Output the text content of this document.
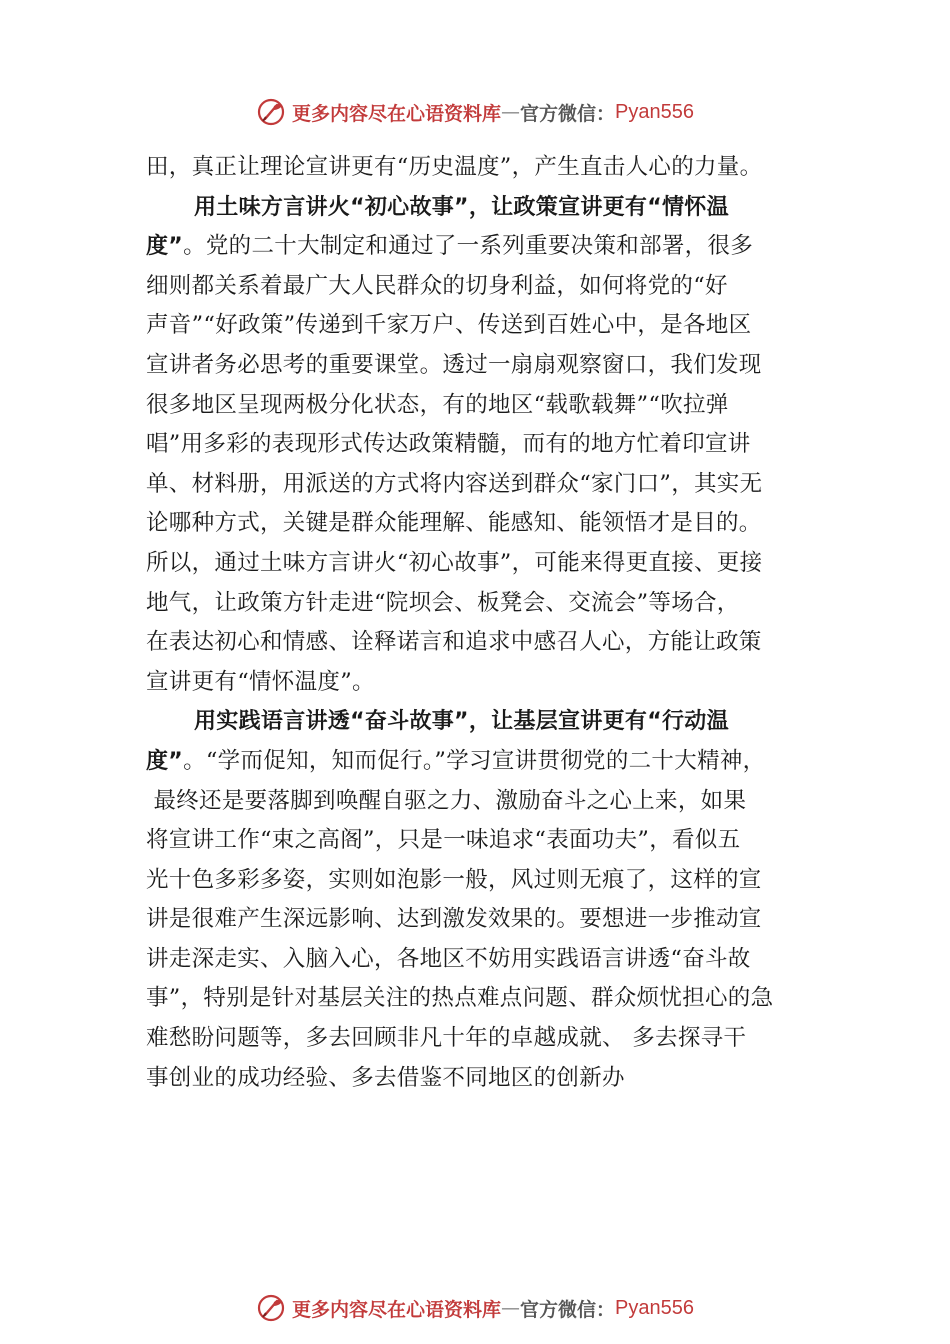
更多内容尽在心语资料库 — 官方微信： Pyan556
田，真正让理论宣讲更有“历史温度”，产生直击人心的力量。
用土味方言讲火“初心故事”，让政策宣讲更有“情怀温
度”。党的二十大制定和通过了一系列重要决策和部署，很多
细则都关系着最广大人民群众的切身利益，如何将党的“好
声音”“好政策”传递到千家万户、传送到百姓心中，是各地区
宣讲者务必思考的重要课堂。透过一扇扇观察窗口，我们发现
很多地区呈现两极分化状态，有的地区“载歌载舞”“吹拉弹
唱”用多彩的表现形式传达政策精髓，而有的地方忙着印宣讲
单、材料册，用派送的方式将内容送到群众“家门口”，其实无
论哪种方式，关键是群众能理解、能感知、能领悟才是目的。
所以，通过土味方言讲火“初心故事”，可能来得更直接、更接
地气，让政策方针走进“院坝会、板凳会、交流会”等场合，
在表达初心和情感、诠释诺言和追求中感召人心，方能让政策
宣讲更有“情怀温度”。
用实践语言讲透“奋斗故事”，让基层宣讲更有“行动温
度”。“学而促知，知而促行。”学习宣讲贯彻党的二十大精神，
最终还是要落脚到唤醒自驱之力、激励奋斗之心上来，如果
将宣讲工作“束之高阁”，只是一味追求“表面功夫”，看似五
光十色多彩多姿，实则如泡影一般，风过则无痕了，这样的宣
讲是很难产生深远影响、达到激发效果的。要想进一步推动宣
讲走深走实、入脑入心，各地区不妨用实践语言讲透“奋斗故
事”，特别是针对基层关注的热点难点问题、群众烦忧担心的急
难愁盼问题等，多去回顾非凡十年的卓越成就、 多去探寻干
事创业的成功经验、多去借鉴不同地区的创新办
更多内容尽在心语资料库 — 官方微信： Pyan556
